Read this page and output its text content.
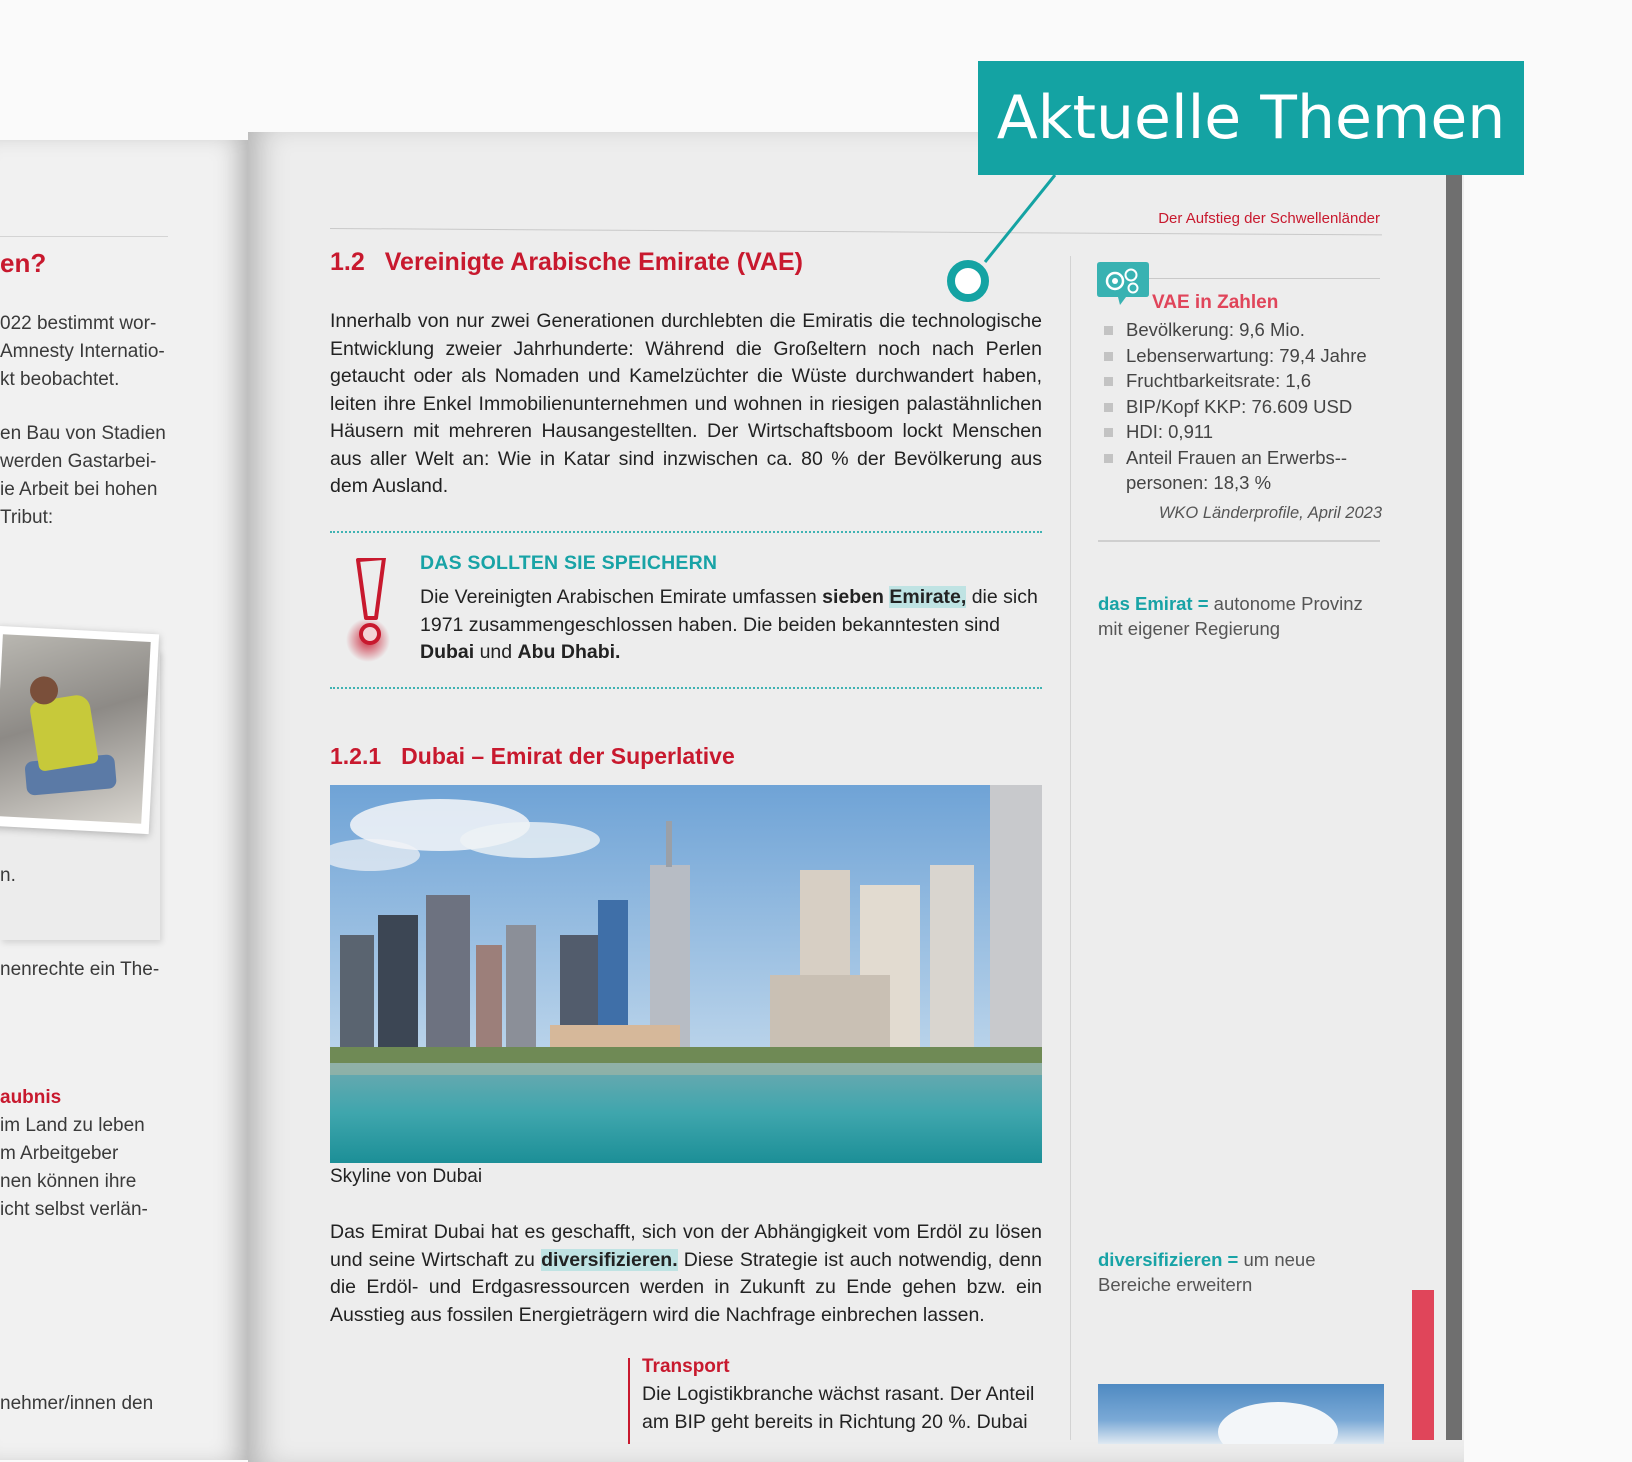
en?
022 bestimmt wor-
Amnesty Internatio-
kt beobachtet.
en Bau von Stadien
werden Gastarbei-
ie Arbeit bei hohen
Tribut:
n.
nenrechte ein The-
aubnis
im Land zu leben
m Arbeitgeber
nen können ihre
icht selbst verlän-
nehmer/innen den
Der Aufstieg der Schwellenländer
Aktuelle Themen
1.2 Vereinigte Arabische Emirate (VAE)
Innerhalb von nur zwei Generationen durchlebten die Emiratis die technologische Entwicklung zweier Jahrhunderte: Während die Großeltern noch nach Perlen getaucht oder als Nomaden und Kamelzüchter die Wüste durchwandert haben, leiten ihre Enkel Immobilienunternehmen und wohnen in riesigen palastähnlichen Häusern mit mehreren Hausangestellten. Der Wirtschaftsboom lockt Menschen aus aller Welt an: Wie in Katar sind inzwischen ca. 80 % der Bevölkerung aus dem Ausland.
DAS SOLLTEN SIE SPEICHERN
Die Vereinigten Arabischen Emirate umfassen sieben Emirate, die sich 1971 zusammengeschlossen haben. Die beiden bekanntesten sind Dubai und Abu Dhabi.
1.2.1 Dubai – Emirat der Superlative
Skyline von Dubai
Das Emirat Dubai hat es geschafft, sich von der Abhängigkeit vom Erdöl zu lösen und seine Wirtschaft zu diversifizieren. Diese Strategie ist auch notwendig, denn die Erdöl- und Erdgasressourcen werden in Zukunft zu Ende gehen bzw. ein Ausstieg aus fossilen Energieträgern wird die Nachfrage einbrechen lassen.
Transport
Die Logistikbranche wächst rasant. Der Anteil am BIP geht bereits in Richtung 20 %. Dubai
VAE in Zahlen
Bevölkerung: 9,6 Mio.
Lebenserwartung: 79,4 Jahre
Fruchtbarkeitsrate: 1,6
BIP/Kopf KKP: 76.609 USD
HDI: 0,911
Anteil Frauen an Erwerbs-personen: 18,3 %
WKO Länderprofile, April 2023
das Emirat = autonome Provinz mit eigener Regierung
diversifizieren = um neue Bereiche erweitern
